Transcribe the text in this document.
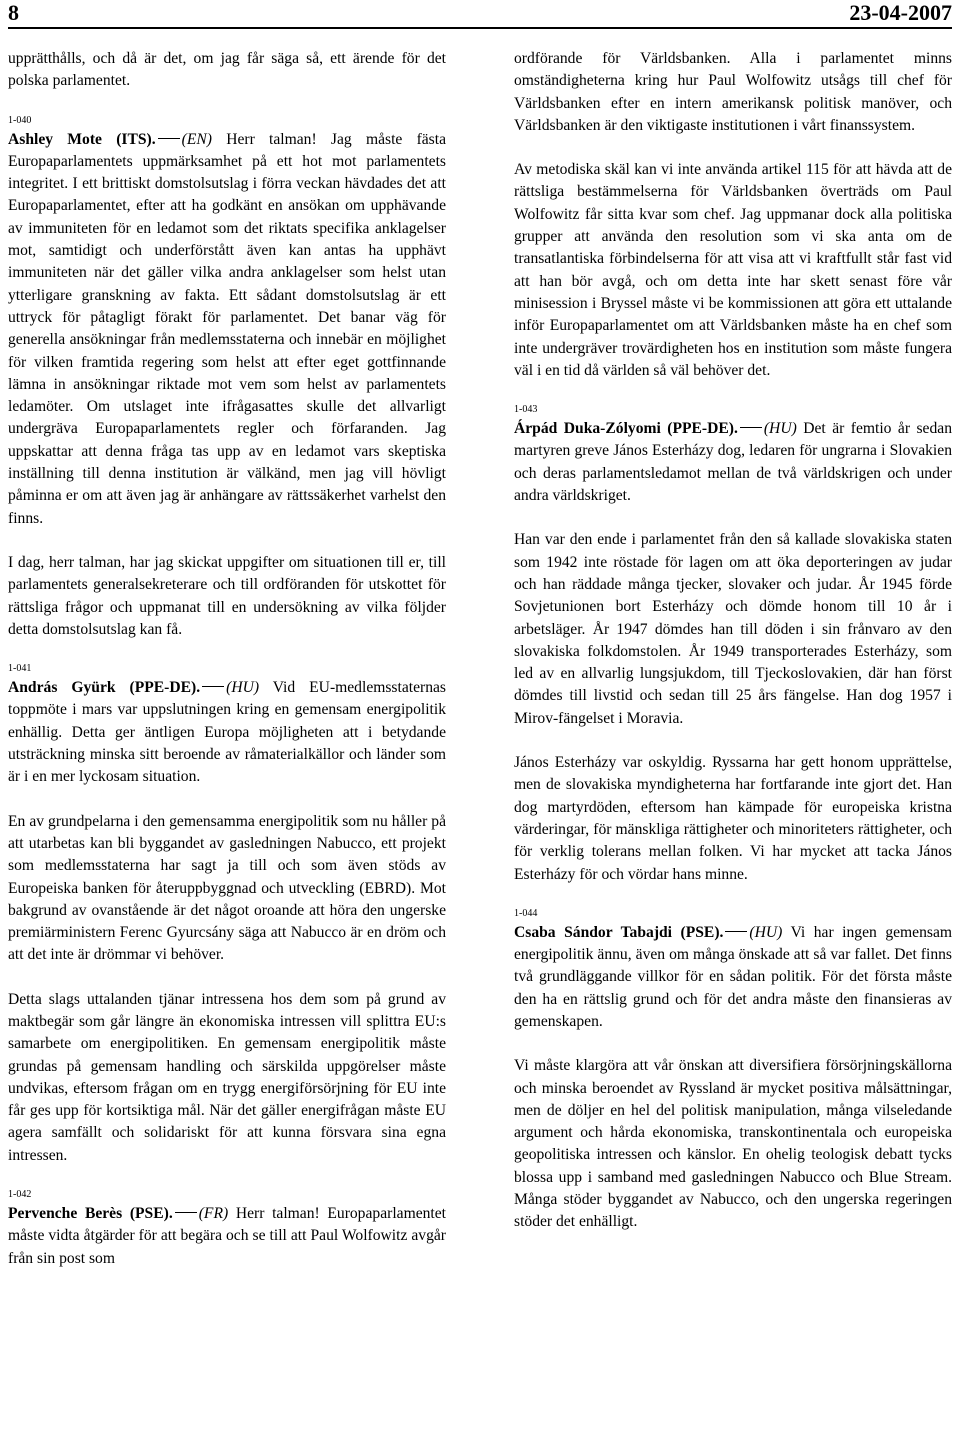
8	23-04-2007

upprätthålls, och då är det, om jag får säga så, ett ärende för det polska parlamentet.

1-040

Ashley Mote (ITS). (EN) Herr talman! Jag måste fästa Europaparlamentets uppmärksamhet på ett hot mot parlamentets integritet. I ett brittiskt domstolsutslag i förra veckan hävdades det att Europaparlamentet, efter att ha godkänt en ansökan om upphävande av immuniteten för en ledamot som det riktats specifika anklagelser mot, samtidigt och underförstått även kan antas ha upphävt immuniteten när det gäller vilka andra anklagelser som helst utan ytterligare granskning av fakta. Ett sådant domstolsutslag är ett uttryck för påtagligt förakt för parlamentet. Det banar väg för generella ansökningar från medlemsstaterna och innebär en möjlighet för vilken framtida regering som helst att efter eget gottfinnande lämna in ansökningar riktade mot vem som helst av parlamentets ledamöter. Om utslaget inte ifrågasattes skulle det allvarligt undergräva Europaparlamentets regler och förfaranden. Jag uppskattar att denna fråga tas upp av en ledamot vars skeptiska inställning till denna institution är välkänd, men jag vill hövligt påminna er om att även jag är anhängare av rättssäkerhet varhelst den finns.

I dag, herr talman, har jag skickat uppgifter om situationen till er, till parlamentets generalsekreterare och till ordföranden för utskottet för rättsliga frågor och uppmanat till en undersökning av vilka följder detta domstolsutslag kan få.

1-041

András Gyürk (PPE-DE). (HU) Vid EU-medlemsstaternas toppmöte i mars var uppslutningen kring en gemensam energipolitik enhällig. Detta ger äntligen Europa möjligheten att i betydande utsträckning minska sitt beroende av råmaterialkällor och länder som är i en mer lyckosam situation.

En av grundpelarna i den gemensamma energipolitik som nu håller på att utarbetas kan bli byggandet av gasledningen Nabucco, ett projekt som medlemsstaterna har sagt ja till och som även stöds av Europeiska banken för återuppbyggnad och utveckling (EBRD). Mot bakgrund av ovanstående är det något oroande att höra den ungerske premiärministern Ferenc Gyurcsány säga att Nabucco är en dröm och att det inte är drömmar vi behöver.

Detta slags uttalanden tjänar intressena hos dem som på grund av maktbegär som går längre än ekonomiska intressen vill splittra EU:s samarbete om energipolitiken. En gemensam energipolitik måste grundas på gemensam handling och särskilda uppgörelser måste undvikas, eftersom frågan om en trygg energiförsörjning för EU inte får ges upp för kortsiktiga mål. När det gäller energifrågan måste EU agera samfällt och solidariskt för att kunna försvara sina egna intressen.

1-042

Pervenche Berès (PSE). (FR) Herr talman! Europaparlamentet måste vidta åtgärder för att begära och se till att Paul Wolfowitz avgår från sin post som

ordförande för Världsbanken. Alla i parlamentet minns omständigheterna kring hur Paul Wolfowitz utsågs till chef för Världsbanken efter en intern amerikansk politisk manöver, och Världsbanken är den viktigaste institutionen i vårt finanssystem.

Av metodiska skäl kan vi inte använda artikel 115 för att hävda att de rättsliga bestämmelserna för Världsbanken överträds om Paul Wolfowitz får sitta kvar som chef. Jag uppmanar dock alla politiska grupper att använda den resolution som vi ska anta om de transatlantiska förbindelserna för att visa att vi kraftfullt står fast vid att han bör avgå, och om detta inte har skett senast före vår minisession i Bryssel måste vi be kommissionen att göra ett uttalande inför Europaparlamentet om att Världsbanken måste ha en chef som inte undergräver trovärdigheten hos en institution som måste fungera väl i en tid då världen så väl behöver det.

1-043

Árpád Duka-Zólyomi (PPE-DE). (HU) Det är femtio år sedan martyren greve János Esterházy dog, ledaren för ungrarna i Slovakien och deras parlamentsledamot mellan de två världskrigen och under andra världskriget.

Han var den ende i parlamentet från den så kallade slovakiska staten som 1942 inte röstade för lagen om att öka deporteringen av judar och han räddade många tjecker, slovaker och judar. År 1945 förde Sovjetunionen bort Esterházy och dömde honom till 10 år i arbetsläger. År 1947 dömdes han till döden i sin frånvaro av den slovakiska folkdomstolen. År 1949 transporterades Esterházy, som led av en allvarlig lungsjukdom, till Tjeckoslovakien, där han först dömdes till livstid och sedan till 25 års fängelse. Han dog 1957 i Mirov-fängelset i Moravia.

János Esterházy var oskyldig. Ryssarna har gett honom upprättelse, men de slovakiska myndigheterna har fortfarande inte gjort det. Han dog martyrdöden, eftersom han kämpade för europeiska kristna värderingar, för mänskliga rättigheter och minoriteters rättigheter, och för verklig tolerans mellan folken. Vi har mycket att tacka János Esterházy för och vördar hans minne.

1-044

Csaba Sándor Tabajdi (PSE). (HU) Vi har ingen gemensam energipolitik ännu, även om många önskade att så var fallet. Det finns två grundläggande villkor för en sådan politik. För det första måste den ha en rättslig grund och för det andra måste den finansieras av gemenskapen.

Vi måste klargöra att vår önskan att diversifiera försörjningskällorna och minska beroendet av Ryssland är mycket positiva målsättningar, men de döljer en hel del politisk manipulation, många vilseledande argument och hårda ekonomiska, transkontinentala och europeiska geopolitiska intressen och känslor. En ohelig teologisk debatt tycks blossa upp i samband med gasledningen Nabucco och Blue Stream. Många stöder byggandet av Nabucco, och den ungerska regeringen stöder det enhälligt.
